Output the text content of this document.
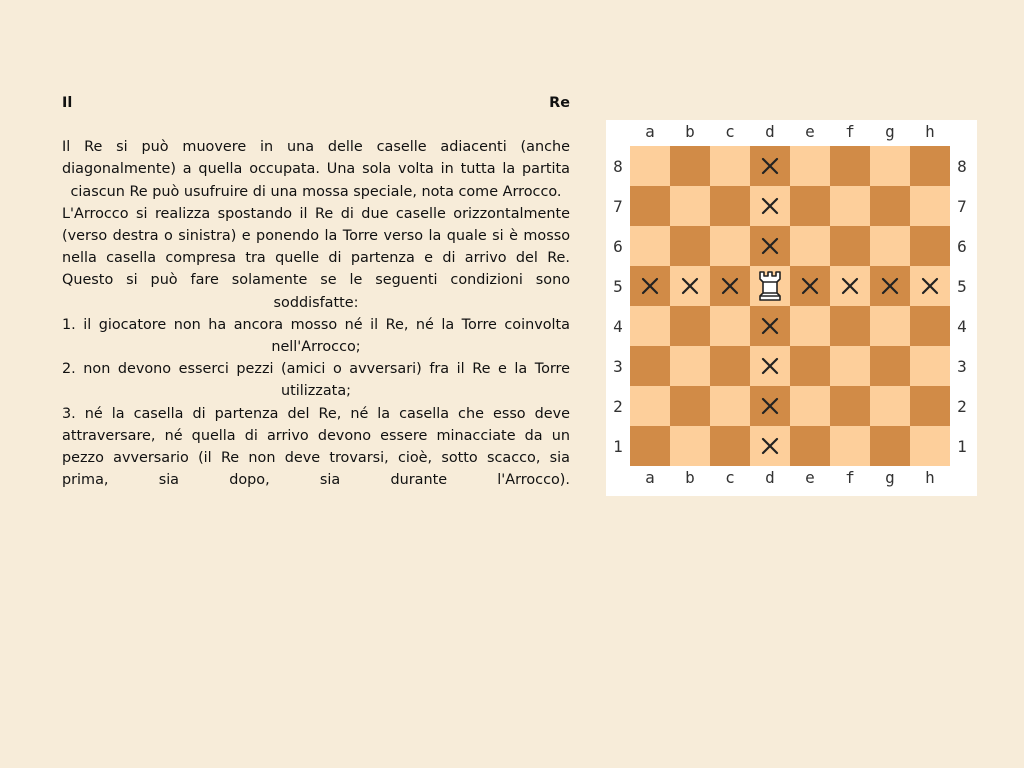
Il	Re

Il Re si può muovere in una delle caselle adiacenti (anche diagonalmente) a quella occupata. Una sola volta in tutta la partita ciascun Re può usufruire di una mossa speciale, nota come Arrocco.

L'Arrocco si realizza spostando il Re di due caselle orizzontalmente (verso destra o sinistra) e ponendo la Torre verso la quale si è mosso nella casella compresa tra quelle di partenza e di arrivo del Re. Questo si può fare solamente se le seguenti condizioni sono soddisfatte:

1. il giocatore non ha ancora mosso né il Re, né la Torre coinvolta nell'Arrocco;

2. non devono esserci pezzi (amici o avversari) fra il Re e la Torre utilizzata;

3. né la casella di partenza del Re, né la casella che esso deve attraversare, né quella di arrivo devono essere minacciate da un pezzo avversario (il Re non deve trovarsi, cioè, sotto scacco, sia prima, sia dopo, sia durante l'Arrocco).

a
a
b
b
c
c
d
d
e
e
f
f
g
g
h
h
8	8
7	7
6	6
5	5
4	4
3	3
2	2
1	1
